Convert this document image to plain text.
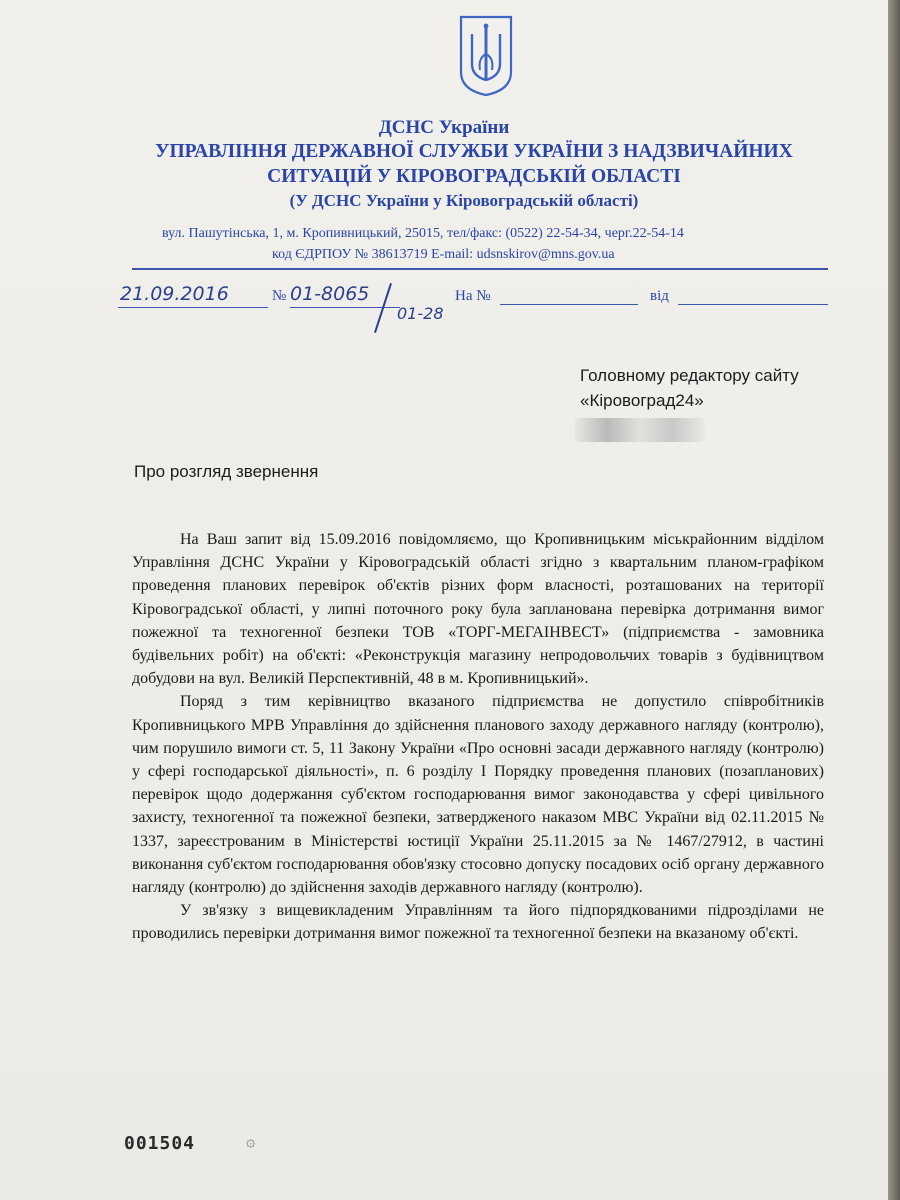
ДСНС України
УПРАВЛІННЯ ДЕРЖАВНОЇ СЛУЖБИ УКРАЇНИ З НАДЗВИЧАЙНИХ
СИТУАЦІЙ У КІРОВОГРАДСЬКІЙ ОБЛАСТІ
(У ДСНС України у Кіровоградській області)
вул. Пашутінська, 1, м. Кропивницький, 25015, тел/факс: (0522) 22-54-34, черг.22-54-14
код ЄДРПОУ № 38613719 E-mail: udsnskirov@mns.gov.ua
21.09.2016	№ 01-8065
01-28
На №	від
Головному редактору сайту
«Кіровоград24»
Про розгляд звернення

На Ваш запит від 15.09.2016 повідомляємо, що Кропивницьким міськрайонним відділом Управління ДСНС України у Кіровоградській області згідно з квартальним планом-графіком проведення планових перевірок об'єктів різних форм власності, розташованих на території Кіровоградської області, у липні поточного року була запланована перевірка дотримання вимог пожежної та техногенної безпеки ТОВ «ТОРГ-МЕГАІНВЕСТ» (підприємства - замовника будівельних робіт) на об'єкті: «Реконструкція магазину непродовольчих товарів з будівництвом добудови на вул. Великій Перспективній, 48 в м. Кропивницький».

Поряд з тим керівництво вказаного підприємства не допустило співробітників Кропивницького МРВ Управління до здійснення планового заходу державного нагляду (контролю), чим порушило вимоги ст. 5, 11 Закону України «Про основні засади державного нагляду (контролю) у сфері господарської діяльності», п. 6 розділу І Порядку проведення планових (позапланових) перевірок щодо додержання суб'єктом господарювання вимог законодавства у сфері цивільного захисту, техногенної та пожежної безпеки, затвердженого наказом МВС України від 02.11.2015 № 1337, зареєстрованим в Міністерстві юстиції України 25.11.2015 за № 1467/27912, в частині виконання суб'єктом господарювання обов'язку стосовно допуску посадових осіб органу державного нагляду (контролю) до здійснення заходів державного нагляду (контролю).

У зв'язку з вищевикладеним Управлінням та його підпорядкованими підрозділами не проводились перевірки дотримання вимог пожежної та техногенної безпеки на вказаному об'єкті.

001504	۞
